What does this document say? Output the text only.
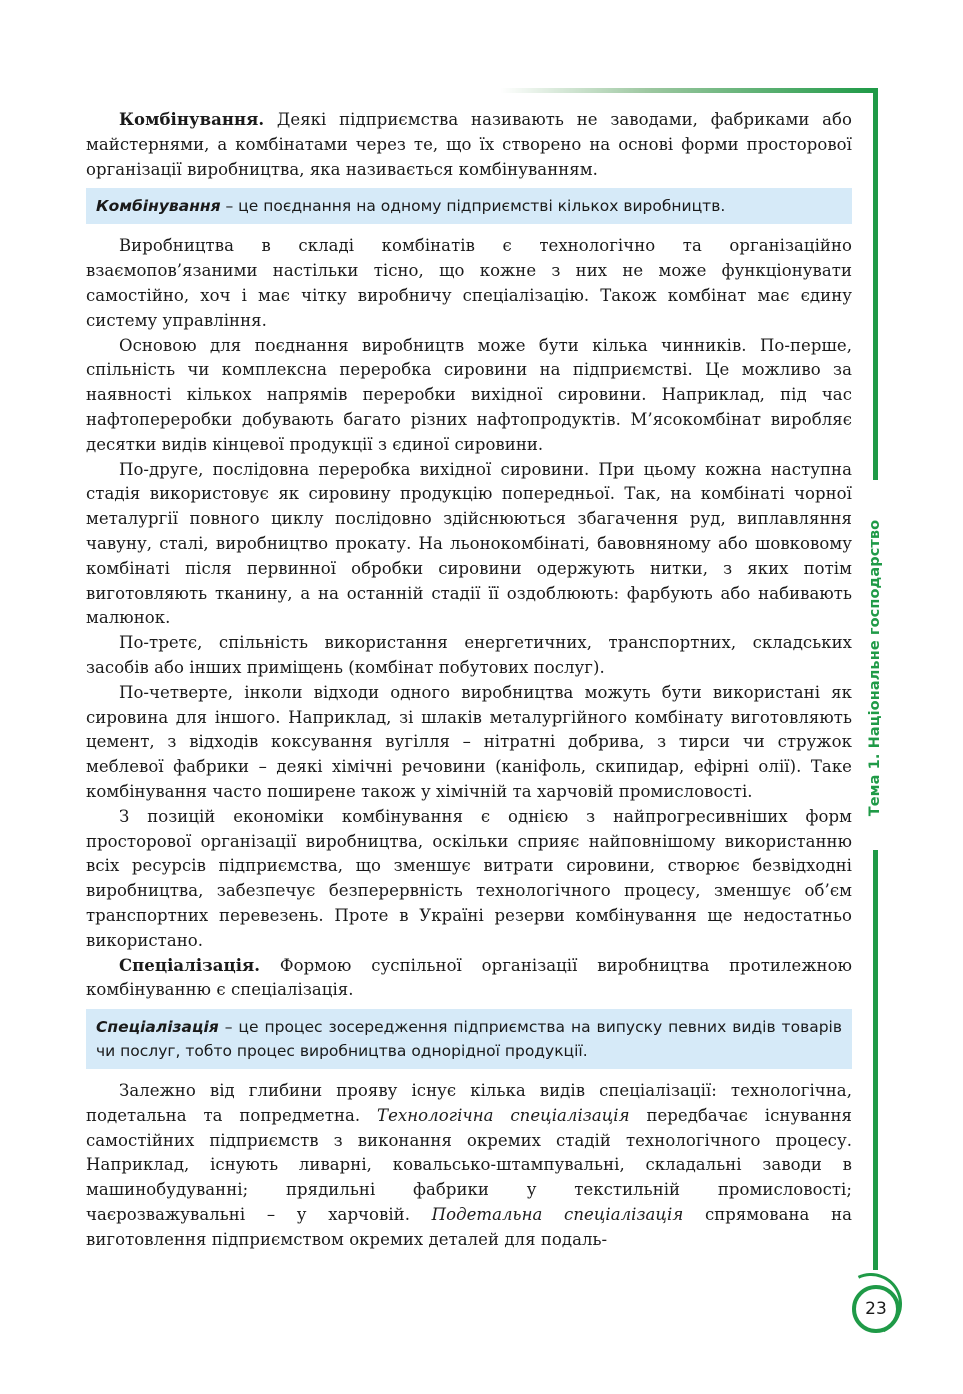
Тема 1. Національне господарство
23

Комбінування. Деякі підприємства називають не заводами, фабриками або майстернями, а комбінатами через те, що їх створено на основі форми просторової організації виробництва, яка називається комбінуванням.

Комбінування – це поєднання на одному підприємстві кількох виробництв.

Виробництва в складі комбінатів є технологічно та організаційно взаємопов’язаними настільки тісно, що кожне з них не може функціонувати самостійно, хоч і має чітку виробничу спеціалізацію. Також комбінат має єдину систему управління.

Основою для поєднання виробництв може бути кілька чинників. По-перше, спільність чи комплексна переробка сировини на підприємстві. Це можливо за наявності кількох напрямів переробки вихідної сировини. Наприклад, під час нафтопереробки добувають багато різних нафтопродуктів. М’ясокомбінат виробляє десятки видів кінцевої продукції з єдиної сировини.

По-друге, послідовна переробка вихідної сировини. При цьому кожна наступна стадія використовує як сировину продукцію попередньої. Так, на комбінаті чорної металургії повного циклу послідовно здійснюються збагачення руд, виплавляння чавуну, сталі, виробництво прокату. На льонокомбінаті, бавовняному або шовковому комбінаті після первинної обробки сировини одержують нитки, з яких потім виготовляють тканину, а на останній стадії її оздоблюють: фарбують або набивають малюнок.

По-третє, спільність використання енергетичних, транспортних, складських засобів або інших приміщень (комбінат побутових послуг).

По-четверте, інколи відходи одного виробництва можуть бути використані як сировина для іншого. Наприклад, зі шлаків металургійного комбінату виготовляють цемент, з відходів коксування вугілля – нітратні добрива, з тирси чи стружок меблевої фабрики – деякі хімічні речовини (каніфоль, скипидар, ефірні олії). Таке комбінування часто поширене також у хімічній та харчовій промисловості.

З позицій економіки комбінування є однією з найпрогресивніших форм просторової організації виробництва, оскільки сприяє найповнішому використанню всіх ресурсів підприємства, що зменшує витрати сировини, створює безвідходні виробництва, забезпечує безперервність технологічного процесу, зменшує об’єм транспортних перевезень. Проте в Україні резерви комбінування ще недостатньо використано.

Спеціалізація. Формою суспільної організації виробництва протилежною комбінуванню є спеціалізація.

Спеціалізація – це процес зосередження підприємства на випуску певних видів товарів чи послуг, тобто процес виробництва однорідної продукції.

Залежно від глибини прояву існує кілька видів спеціалізації: технологічна, подетальна та попредметна. Технологічна спеціалізація передбачає існування самостійних підприємств з виконання окремих стадій технологічного процесу. Наприклад, існують ливарні, ковальсько-штампувальні, складальні заводи в машинобудуванні; прядильні фабрики у текстильній промисловості; чаєрозважувальні – у харчовій. Подетальна спеціалізація спрямована на виготовлення підприємством окремих деталей для подаль-
